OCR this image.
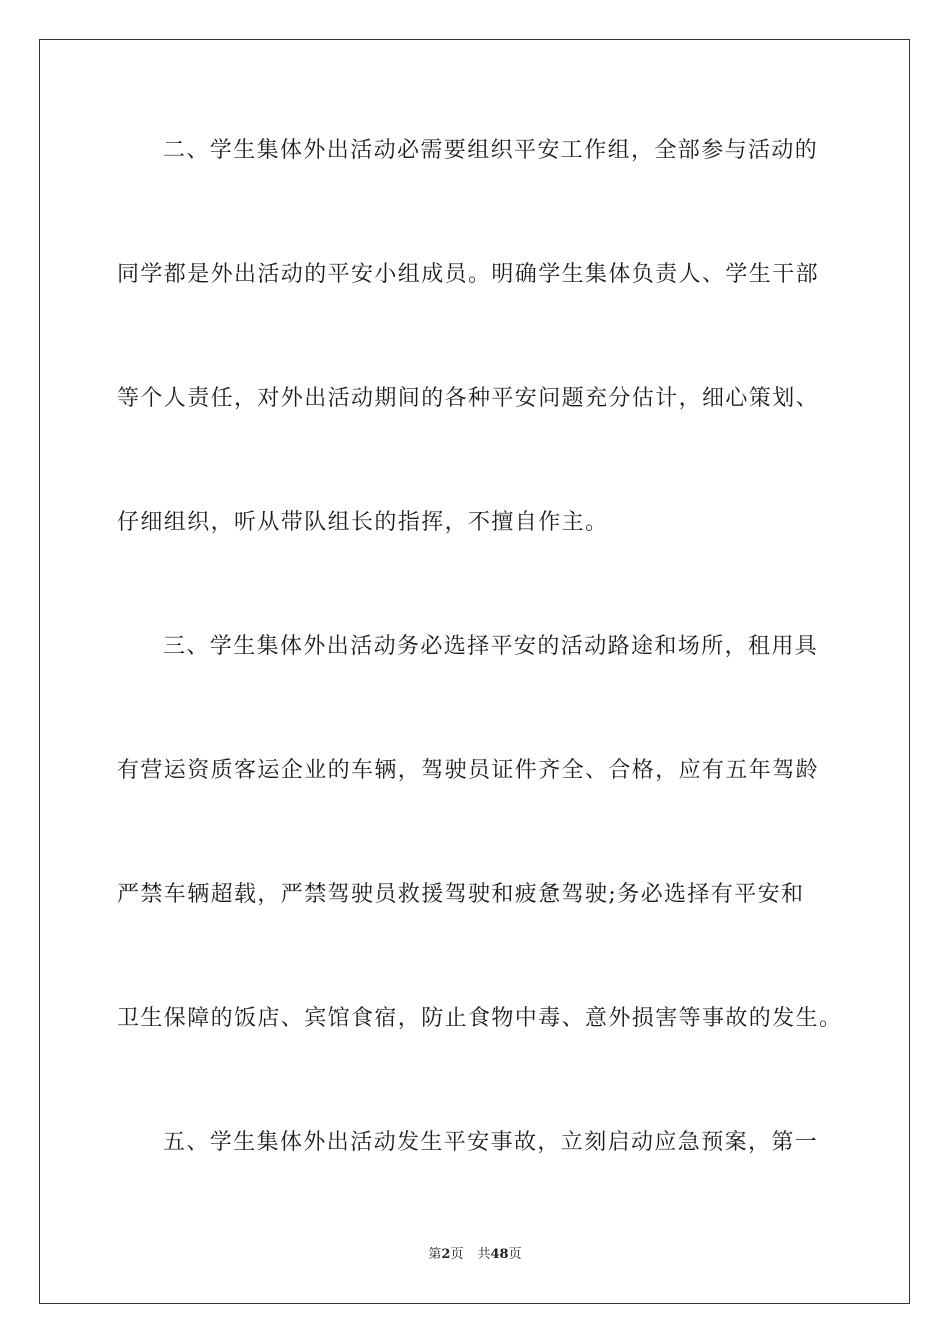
二、学生集体外出活动必需要组织平安工作组，全部参与活动的
同学都是外出活动的平安小组成员。明确学生集体负责人、学生干部
等个人责任，对外出活动期间的各种平安问题充分估计，细心策划、
仔细组织，听从带队组长的指挥，不擅自作主。
三、学生集体外出活动务必选择平安的活动路途和场所，租用具
有营运资质客运企业的车辆，驾驶员证件齐全、合格，应有五年驾龄
严禁车辆超载，严禁驾驶员救援驾驶和疲惫驾驶;务必选择有平安和
卫生保障的饭店、宾馆食宿，防止食物中毒、意外损害等事故的发生。
五、学生集体外出活动发生平安事故，立刻启动应急预案，第一
第2页 共48页
